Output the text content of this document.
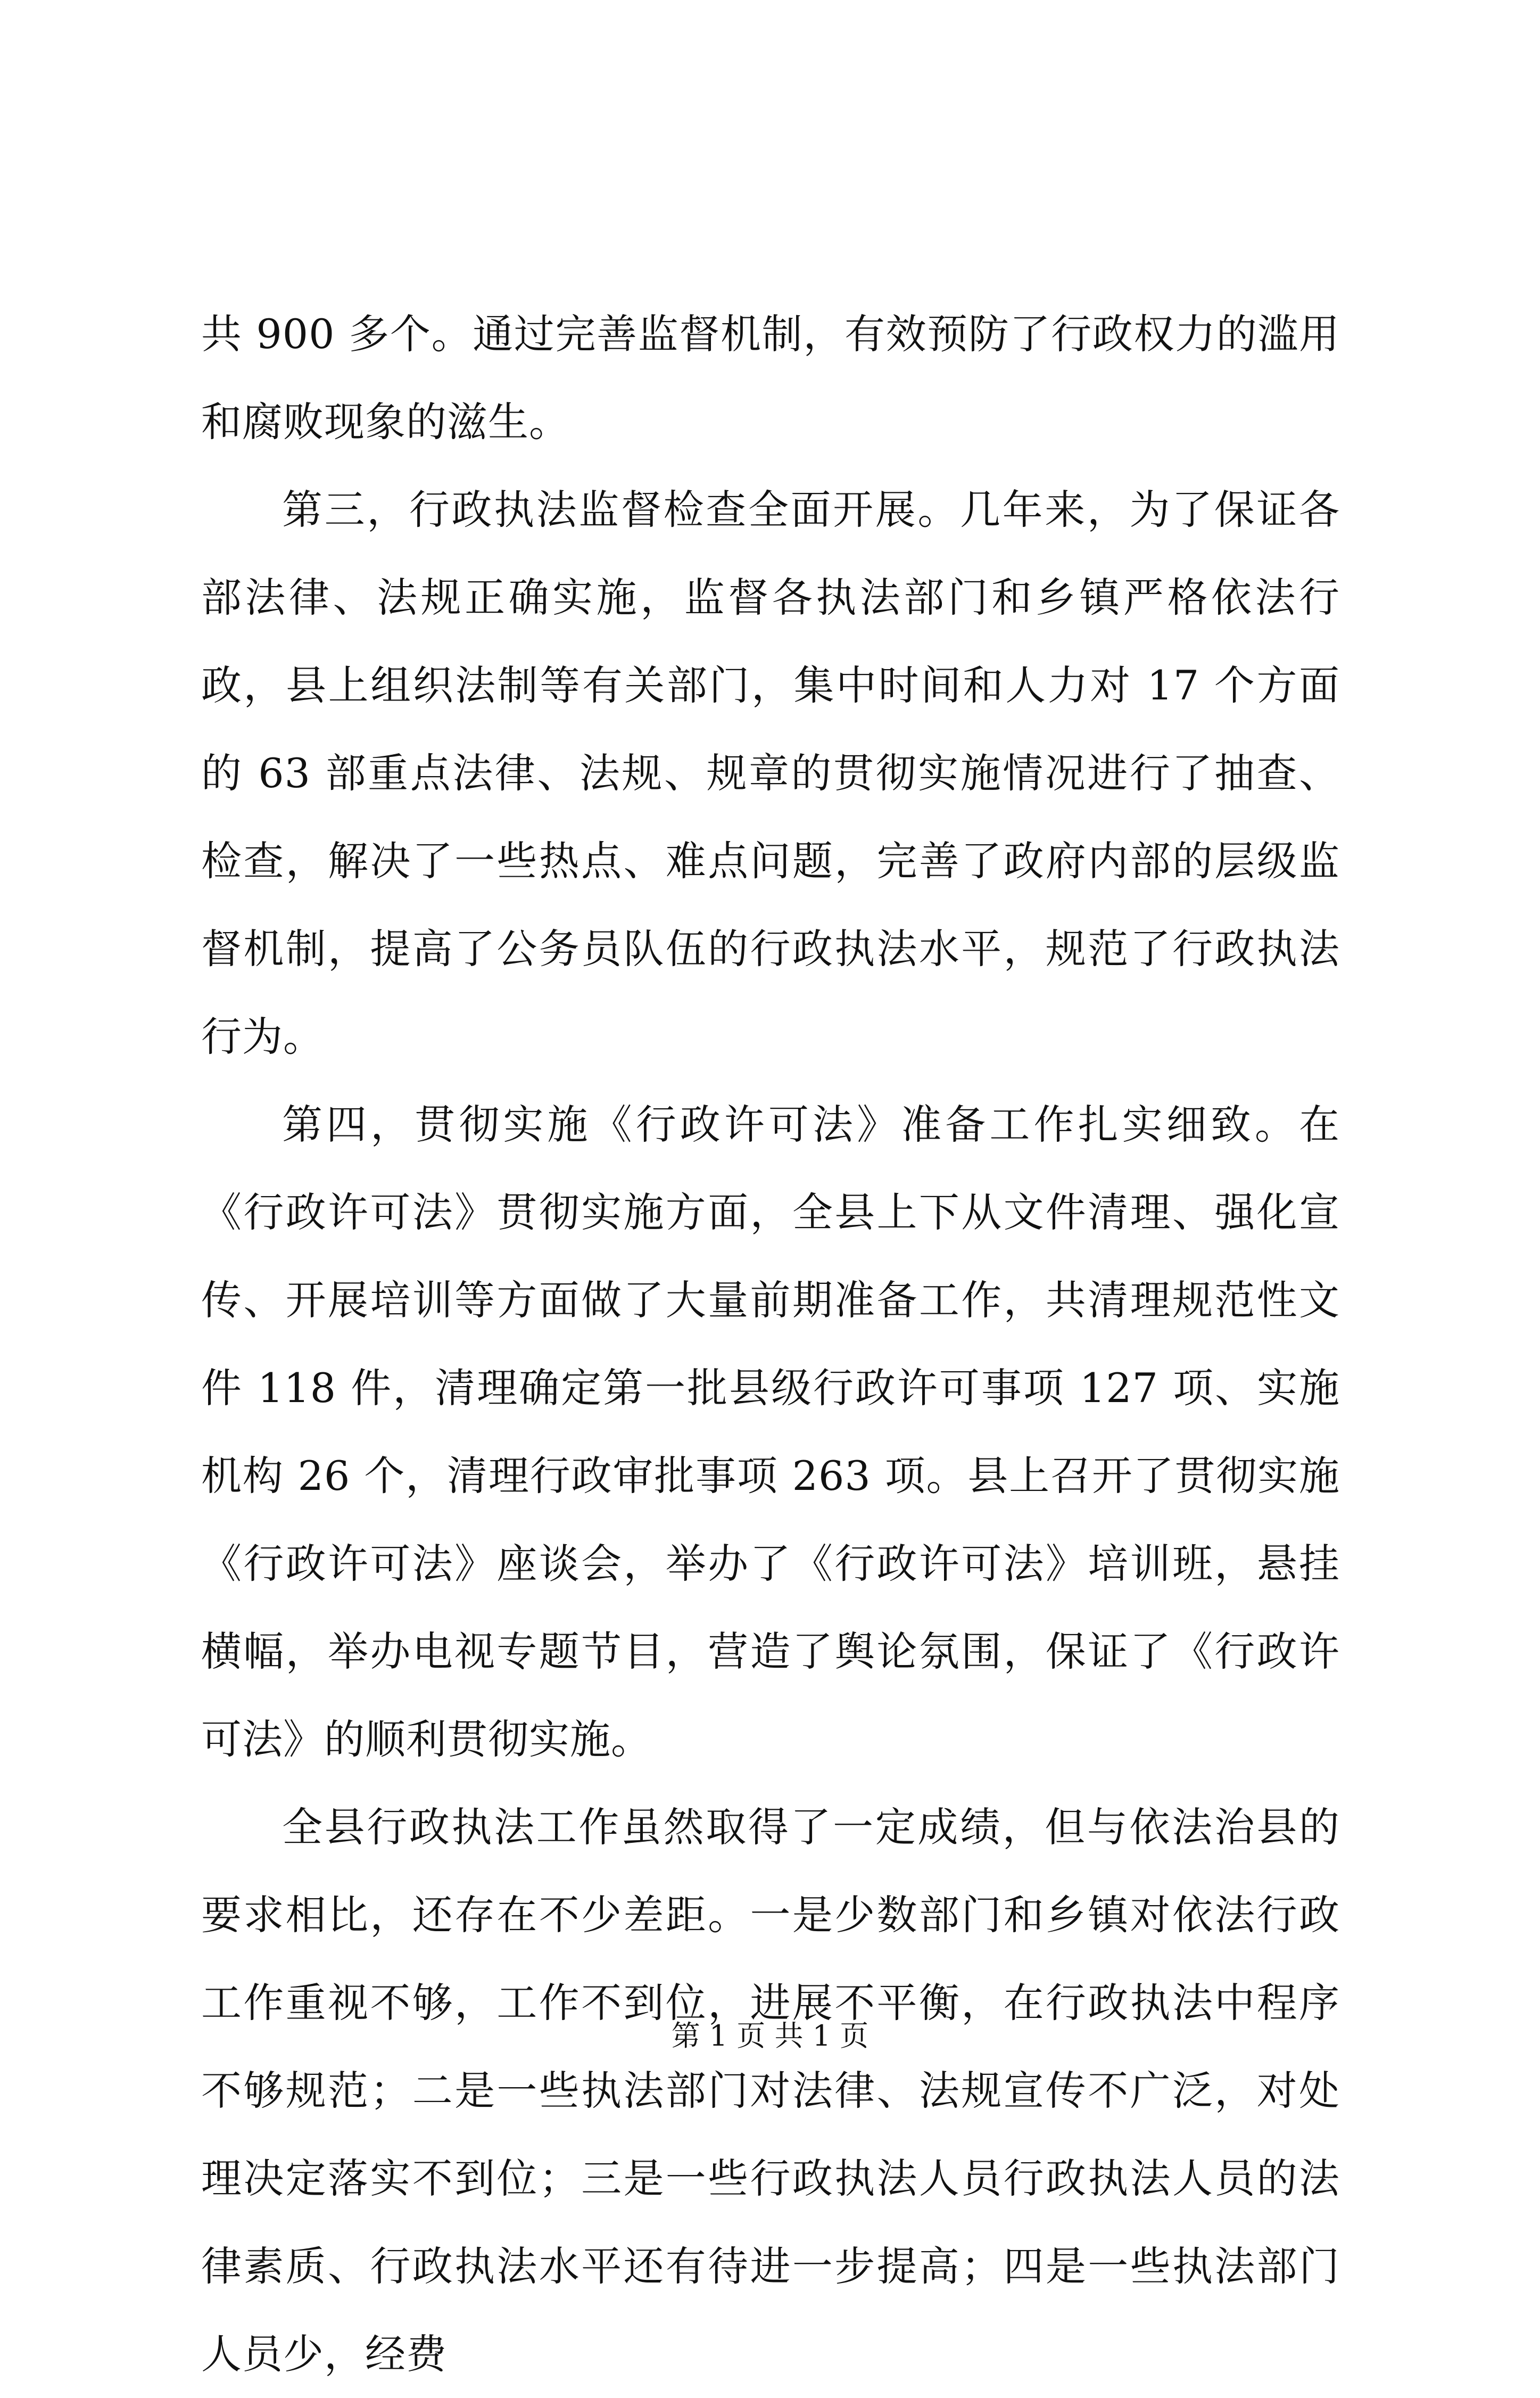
共 900 多个。通过完善监督机制，有效预防了行政权力的滥用和腐败现象的滋生。

第三，行政执法监督检查全面开展。几年来，为了保证各部法律、法规正确实施，监督各执法部门和乡镇严格依法行政，县上组织法制等有关部门，集中时间和人力对 17 个方面的 63 部重点法律、法规、规章的贯彻实施情况进行了抽查、检查，解决了一些热点、难点问题，完善了政府内部的层级监督机制，提高了公务员队伍的行政执法水平，规范了行政执法行为。

第四，贯彻实施《行政许可法》准备工作扎实细致。在《行政许可法》贯彻实施方面，全县上下从文件清理、强化宣传、开展培训等方面做了大量前期准备工作，共清理规范性文件 118 件，清理确定第一批县级行政许可事项 127 项、实施机构 26 个，清理行政审批事项 263 项。县上召开了贯彻实施《行政许可法》座谈会，举办了《行政许可法》培训班，悬挂横幅，举办电视专题节目，营造了舆论氛围，保证了《行政许可法》的顺利贯彻实施。

全县行政执法工作虽然取得了一定成绩，但与依法治县的要求相比，还存在不少差距。一是少数部门和乡镇对依法行政工作重视不够，工作不到位，进展不平衡，在行政执法中程序不够规范；二是一些执法部门对法律、法规宣传不广泛，对处理决定落实不到位；三是一些行政执法人员行政执法人员的法律素质、行政执法水平还有待进一步提高；四是一些执法部门人员少，经费

第 1 页 共 1 页
